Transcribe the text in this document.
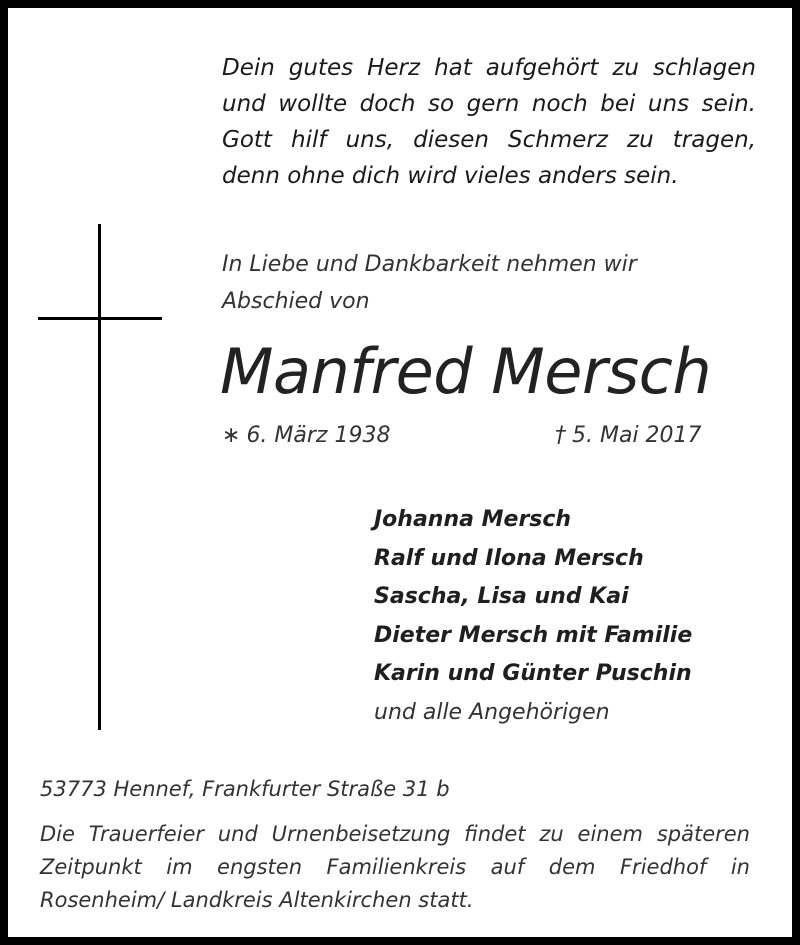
Dein gutes Herz hat aufgehört zu schlagen
und wollte doch so gern noch bei uns sein.
Gott hilf uns, diesen Schmerz zu tragen,
denn ohne dich wird vieles anders sein.
In Liebe und Dankbarkeit nehmen wir
Abschied von
Manfred Mersch
∗ 6. März 1938	† 5. Mai 2017
Johanna Mersch
Ralf und Ilona Mersch
Sascha, Lisa und Kai
Dieter Mersch mit Familie
Karin und Günter Puschin
und alle Angehörigen
53773 Hennef, Frankfurter Straße 31 b
Die Trauerfeier und Urnenbeisetzung findet zu einem späteren
Zeitpunkt im engsten Familienkreis auf dem Friedhof in
Rosenheim/ Landkreis Altenkirchen statt.
